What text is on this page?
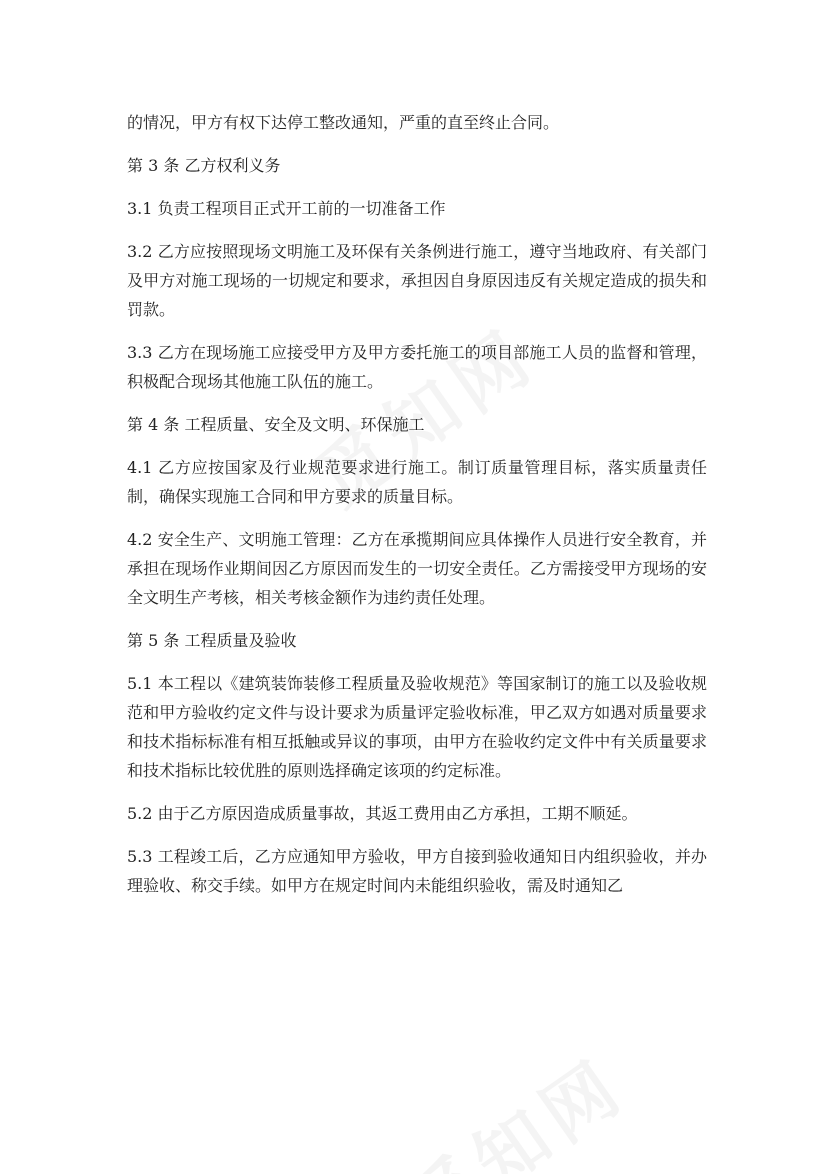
的情况，甲方有权下达停工整改通知，严重的直至终止合同。

第 3 条 乙方权利义务

3.1 负责工程项目正式开工前的一切准备工作

3.2 乙方应按照现场文明施工及环保有关条例进行施工，遵守当地政府、有关部门及甲方对施工现场的一切规定和要求，承担因自身原因违反有关规定造成的损失和罚款。

3.3 乙方在现场施工应接受甲方及甲方委托施工的项目部施工人员的监督和管理，积极配合现场其他施工队伍的施工。

第 4 条 工程质量、安全及文明、环保施工

4.1 乙方应按国家及行业规范要求进行施工。制订质量管理目标，落实质量责任制，确保实现施工合同和甲方要求的质量目标。

4.2 安全生产、文明施工管理：乙方在承揽期间应具体操作人员进行安全教育，并承担在现场作业期间因乙方原因而发生的一切安全责任。乙方需接受甲方现场的安全文明生产考核，相关考核金额作为违约责任处理。

第 5 条 工程质量及验收

5.1 本工程以《建筑装饰装修工程质量及验收规范》等国家制订的施工以及验收规范和甲方验收约定文件与设计要求为质量评定验收标准，甲乙双方如遇对质量要求和技术指标标准有相互抵触或异议的事项，由甲方在验收约定文件中有关质量要求和技术指标比较优胜的原则选择确定该项的约定标准。

5.2 由于乙方原因造成质量事故，其返工费用由乙方承担，工期不顺延。

5.3 工程竣工后，乙方应通知甲方验收，甲方自接到验收通知日内组织验收，并办理验收、称交手续。如甲方在规定时间内未能组织验收，需及时通知乙
